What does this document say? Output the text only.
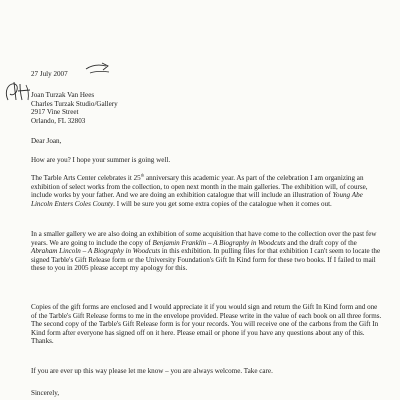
27 July 2007
Joan Turzak Van Hees
Charles Turzak Studio/Gallery
2917 Vine Street
Orlando, FL 32803
Dear Joan,
How are you? I hope your summer is going well.
The Tarble Arts Center celebrates it 25th anniversary this academic year. As part of the celebration I am organizing an exhibition of select works from the collection, to open next month in the main galleries. The exhibition will, of course, include works by your father. And we are doing an exhibition catalogue that will include an illustration of Young Abe Lincoln Enters Coles County. I will be sure you get some extra copies of the catalogue when it comes out.
In a smaller gallery we are also doing an exhibition of some acquisition that have come to the collection over the past few years. We are going to include the copy of Benjamin Franklin – A Biography in Woodcuts and the draft copy of the Abraham Lincoln – A Biography in Woodcuts in this exhibition. In pulling files for that exhibition I can't seem to locate the signed Tarble's Gift Release form or the University Foundation's Gift In Kind form for these two books. If I failed to mail these to you in 2005 please accept my apology for this.
Copies of the gift forms are enclosed and I would appreciate it if you would sign and return the Gift In Kind form and one of the Tarble's Gift Release forms to me in the envelope provided. Please write in the value of each book on all three forms. The second copy of the Tarble's Gift Release form is for your records. You will receive one of the carbons from the Gift In Kind form after everyone has signed off on it here. Please email or phone if you have any questions about any of this. Thanks.
If you are ever up this way please let me know – you are always welcome. Take care.
Sincerely,
